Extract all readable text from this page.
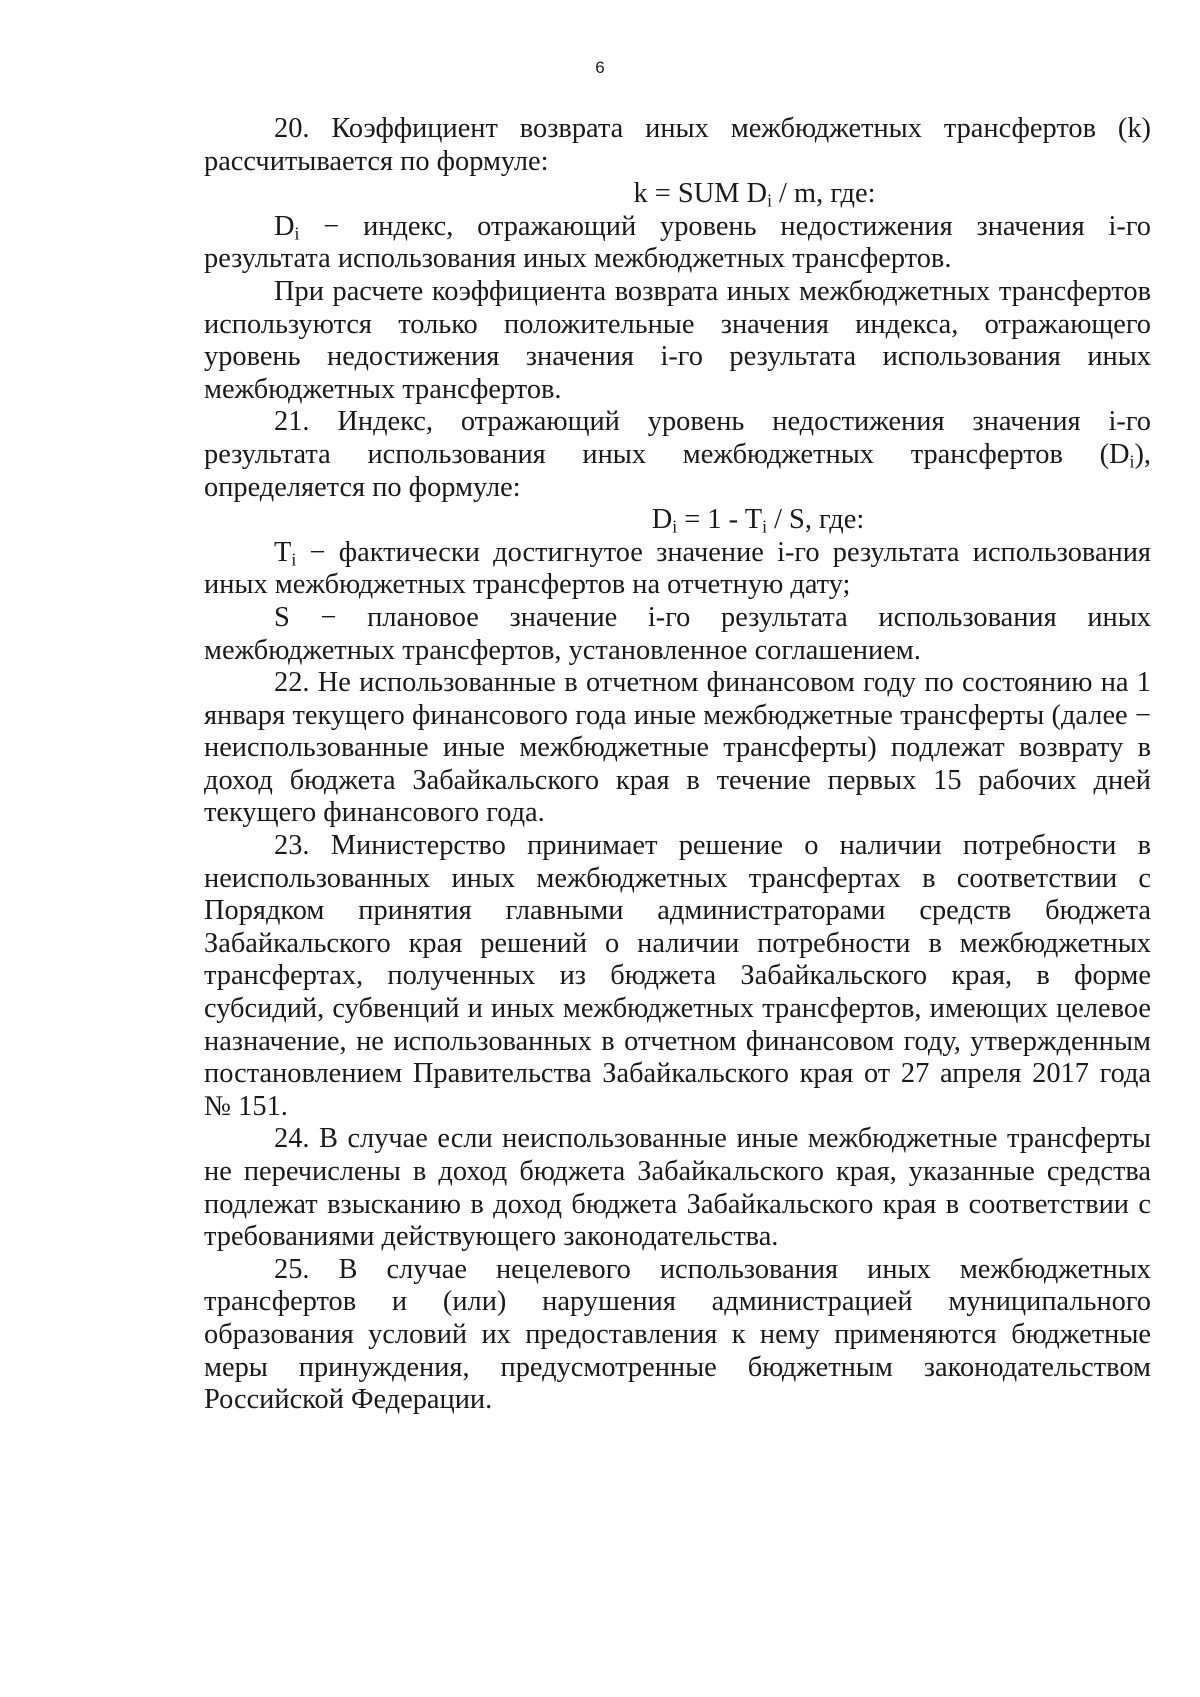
6

20. Коэффициент возврата иных межбюджетных трансфертов (k) рассчитывается по формуле:

k = SUM $D_i$ / m, где:

$D_i$ − индекс, отражающий уровень недостижения значения i-го результата использования иных межбюджетных трансфертов.

При расчете коэффициента возврата иных межбюджетных трансфертов используются только положительные значения индекса, отражающего уровень недостижения значения i-го результата использования иных межбюджетных трансфертов.

21. Индекс, отражающий уровень недостижения значения i-го результата использования иных межбюджетных трансфертов $(D_i)$, определяется по формуле:

$D_i = 1 - T_i / S$, где:

$T_i$ − фактически достигнутое значение i-го результата использования иных межбюджетных трансфертов на отчетную дату;

S − плановое значение i-го результата использования иных межбюджетных трансфертов, установленное соглашением.

22. Не использованные в отчетном финансовом году по состоянию на 1 января текущего финансового года иные межбюджетные трансферты (далее − неиспользованные иные межбюджетные трансферты) подлежат возврату в доход бюджета Забайкальского края в течение первых 15 рабочих дней текущего финансового года.

23. Министерство принимает решение о наличии потребности в неиспользованных иных межбюджетных трансфертах в соответствии с Порядком принятия главными администраторами средств бюджета Забайкальского края решений о наличии потребности в межбюджетных трансфертах, полученных из бюджета Забайкальского края, в форме субсидий, субвенций и иных межбюджетных трансфертов, имеющих целевое назначение, не использованных в отчетном финансовом году, утвержденным постановлением Правительства Забайкальского края от 27 апреля 2017 года № 151.

24. В случае если неиспользованные иные межбюджетные трансферты не перечислены в доход бюджета Забайкальского края, указанные средства подлежат взысканию в доход бюджета Забайкальского края в соответствии с требованиями действующего законодательства.

25. В случае нецелевого использования иных межбюджетных трансфертов и (или) нарушения администрацией муниципального образования условий их предоставления к нему применяются бюджетные меры принуждения, предусмотренные бюджетным законодательством Российской Федерации.
